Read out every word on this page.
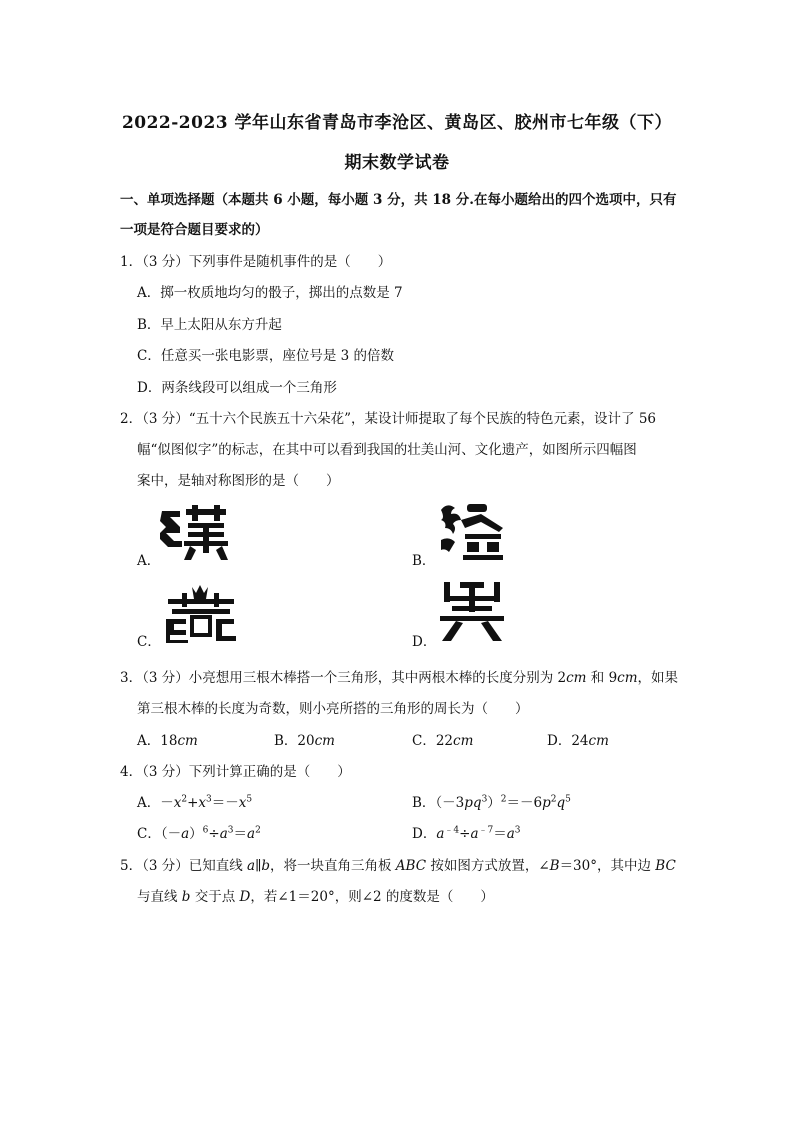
2022-2023 学年山东省青岛市李沧区、黄岛区、胶州市七年级（下）
期末数学试卷
一、单项选择题（本题共 6 小题，每小题 3 分，共 18 分.在每小题给出的四个选项中，只有
一项是符合题目要求的）
1．（3 分）下列事件是随机事件的是（　　）
A．掷一枚质地均匀的骰子，掷出的点数是 7
B．早上太阳从东方升起
C．任意买一张电影票，座位号是 3 的倍数
D．两条线段可以组成一个三角形
2．（3 分）“五十六个民族五十六朵花”，某设计师提取了每个民族的特色元素，设计了 56
幅“似图似字”的标志，在其中可以看到我国的壮美山河、文化遗产，如图所示四幅图
案中，是轴对称图形的是（　　）
A．	B．
C．	D．
3．（3 分）小亮想用三根木棒搭一个三角形，其中两根木棒的长度分别为 2cm 和 9cm，如果
第三根木棒的长度为奇数，则小亮所搭的三角形的周长为（　　）
A．18cm	B．20cm	C．22cm	D．24cm
4．（3 分）下列计算正确的是（　　）
A．$-x^2+x^3=-x^5$	B．$(-3pq^3)^2=-6p^2q^5$
C．$(-a)^6\div a^3=a^2$	D．$a^{﹣4}\div a^{﹣7}=a^3$
5．（3 分）已知直线 a∥b，将一块直角三角板 ABC 按如图方式放置，∠B＝30°，其中边 BC
与直线 b 交于点 D，若∠1＝20°，则∠2 的度数是（　　）
